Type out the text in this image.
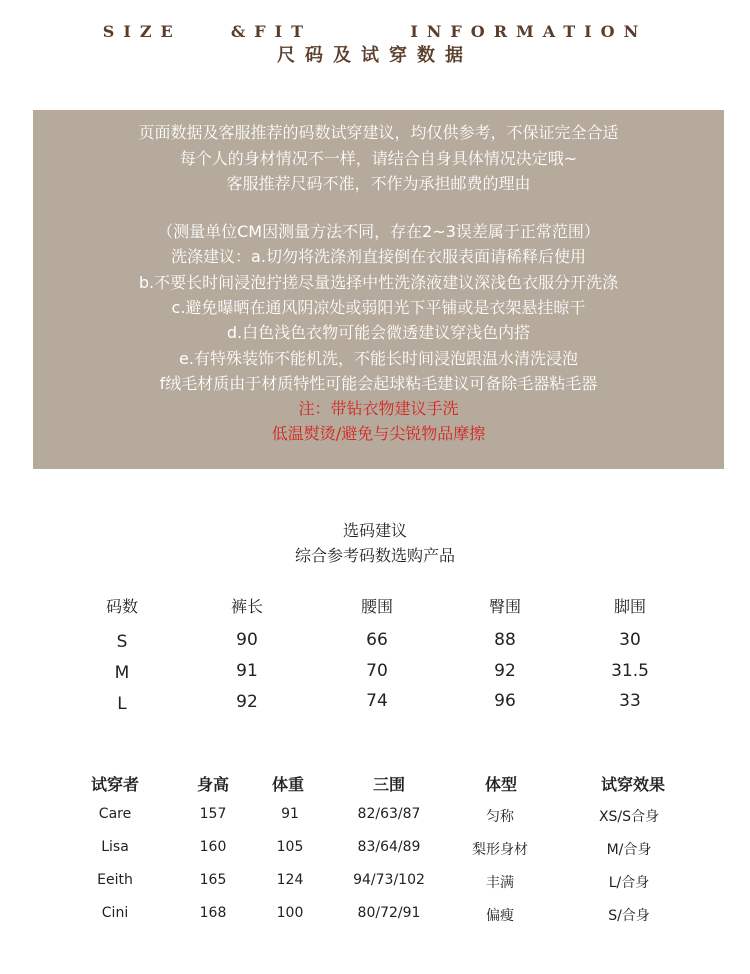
SIZE  &FIT    INFORMATION
尺码及试穿数据
页面数据及客服推荐的码数试穿建议，均仅供参考，不保证完全合适
每个人的身材情况不一样，请结合自身具体情况决定哦~
客服推荐尺码不准，不作为承担邮费的理由
（测量单位CM因测量方法不同，存在2~3误差属于正常范围）
洗涤建议：a.切勿将洗涤剂直接倒在衣服表面请稀释后使用
b.不要长时间浸泡拧搓尽量选择中性洗涤液建议深浅色衣服分开洗涤
c.避免曝晒在通风阴凉处或弱阳光下平铺或是衣架悬挂晾干
d.白色浅色衣物可能会微透建议穿浅色内搭
e.有特殊装饰不能机洗，不能长时间浸泡跟温水清洗浸泡
f绒毛材质由于材质特性可能会起球粘毛建议可备除毛器粘毛器
注：带钻衣物建议手洗
低温熨烫/避免与尖锐物品摩擦
选码建议
综合参考码数选购产品
码数	裤长	腰围	臀围	脚围
S	90	66	88	30
M	91	70	92	31.5
L	92	74	96	33
试穿者	身高	体重	三围	体型	试穿效果
Care	157	91	82/63/87	匀称	XS/S合身
Lisa	160	105	83/64/89	梨形身材	M/合身
Eeith	165	124	94/73/102	丰满	L/合身
Cini	168	100	80/72/91	偏瘦	S/合身
